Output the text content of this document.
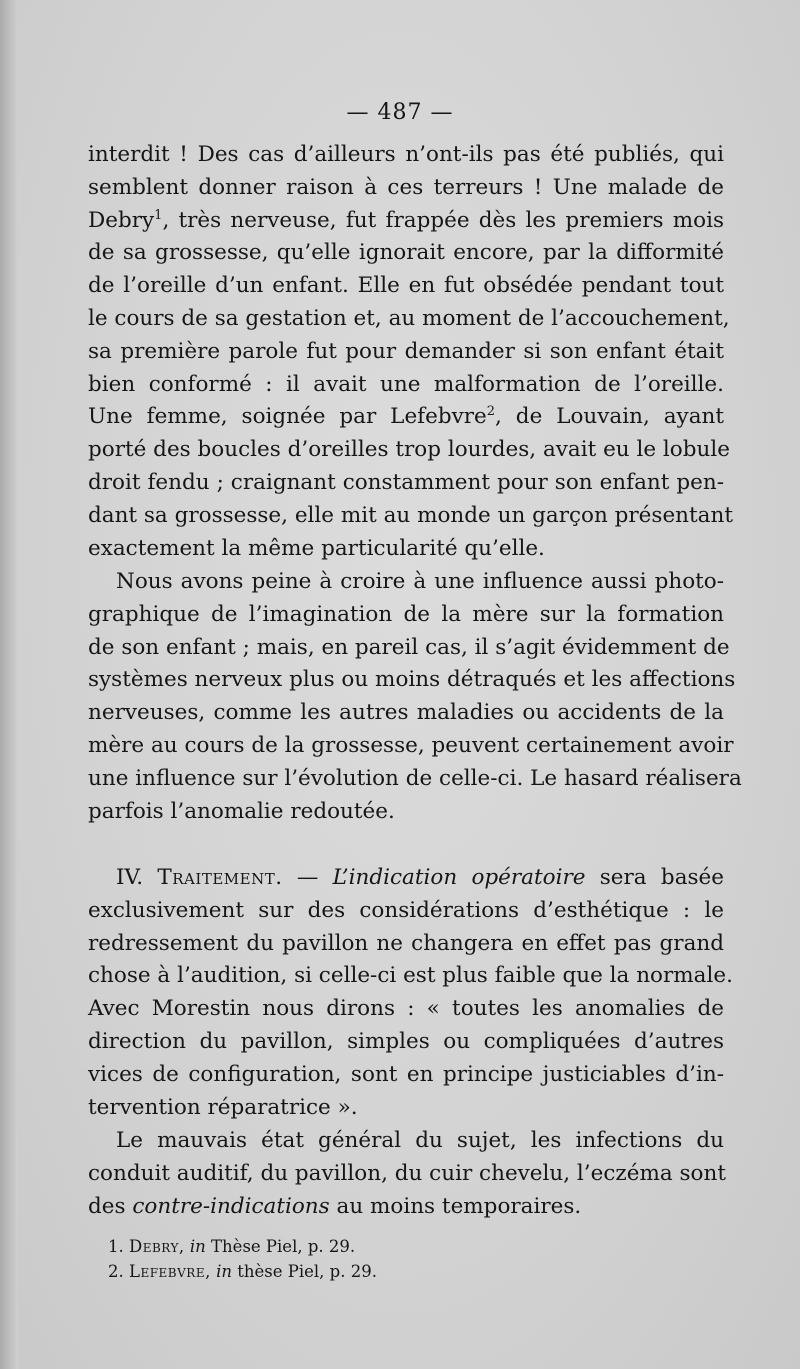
— 487 —
interdit ! Des cas d’ailleurs n’ont-ils pas été publiés, qui
semblent donner raison à ces terreurs ! Une malade de
Debry$^1$, très nerveuse, fut frappée dès les premiers mois
de sa grossesse, qu’elle ignorait encore, par la difformité
de l’oreille d’un enfant. Elle en fut obsédée pendant tout
le cours de sa gestation et, au moment de l’accouchement,
sa première parole fut pour demander si son enfant était
bien conformé : il avait une malformation de l’oreille.
Une femme, soignée par Lefebvre$^2$, de Louvain, ayant
porté des boucles d’oreilles trop lourdes, avait eu le lobule
droit fendu ; craignant constamment pour son enfant pen-
dant sa grossesse, elle mit au monde un garçon présentant
exactement la même particularité qu’elle.
Nous avons peine à croire à une influence aussi photo-
graphique de l’imagination de la mère sur la formation
de son enfant ; mais, en pareil cas, il s’agit évidemment de
systèmes nerveux plus ou moins détraqués et les affections
nerveuses, comme les autres maladies ou accidents de la
mère au cours de la grossesse, peuvent certainement avoir
une influence sur l’évolution de celle-ci. Le hasard réalisera
parfois l’anomalie redoutée.
IV. Traitement. — L’indication opératoire sera basée
exclusivement sur des considérations d’esthétique : le
redressement du pavillon ne changera en effet pas grand
chose à l’audition, si celle-ci est plus faible que la normale.
Avec Morestin nous dirons : « toutes les anomalies de
direction du pavillon, simples ou compliquées d’autres
vices de configuration, sont en principe justiciables d’in-
tervention réparatrice ».
Le mauvais état général du sujet, les infections du
conduit auditif, du pavillon, du cuir chevelu, l’eczéma sont
des contre-indications au moins temporaires.
1. Debry, in Thèse Piel, p. 29.
2. Lefebvre, in thèse Piel, p. 29.
